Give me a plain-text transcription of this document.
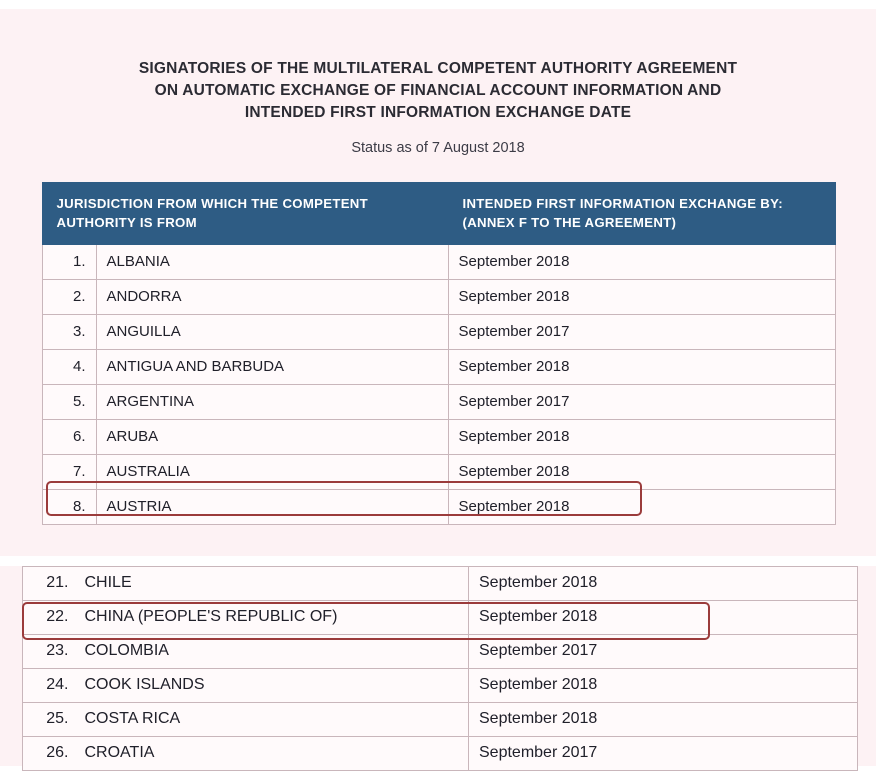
SIGNATORIES OF THE MULTILATERAL COMPETENT AUTHORITY AGREEMENT
ON AUTOMATIC EXCHANGE OF FINANCIAL ACCOUNT INFORMATION AND
INTENDED FIRST INFORMATION EXCHANGE DATE
Status as of 7 August 2018
JURISDICTION FROM WHICH THE COMPETENT
AUTHORITY IS FROM

INTENDED FIRST INFORMATION EXCHANGE BY:
(ANNEX F TO THE AGREEMENT)

1.	ALBANIA	September 2018
2.	ANDORRA	September 2018
3.	ANGUILLA	September 2017
4.	ANTIGUA AND BARBUDA	September 2018
5.	ARGENTINA	September 2017
6.	ARUBA	September 2018
7.	AUSTRALIA	September 2018
8.	AUSTRIA	September 2018
21.	CHILE	September 2018
22.	CHINA (PEOPLE'S REPUBLIC OF)	September 2018
23.	COLOMBIA	September 2017
24.	COOK ISLANDS	September 2018
25.	COSTA RICA	September 2018
26.	CROATIA	September 2017
